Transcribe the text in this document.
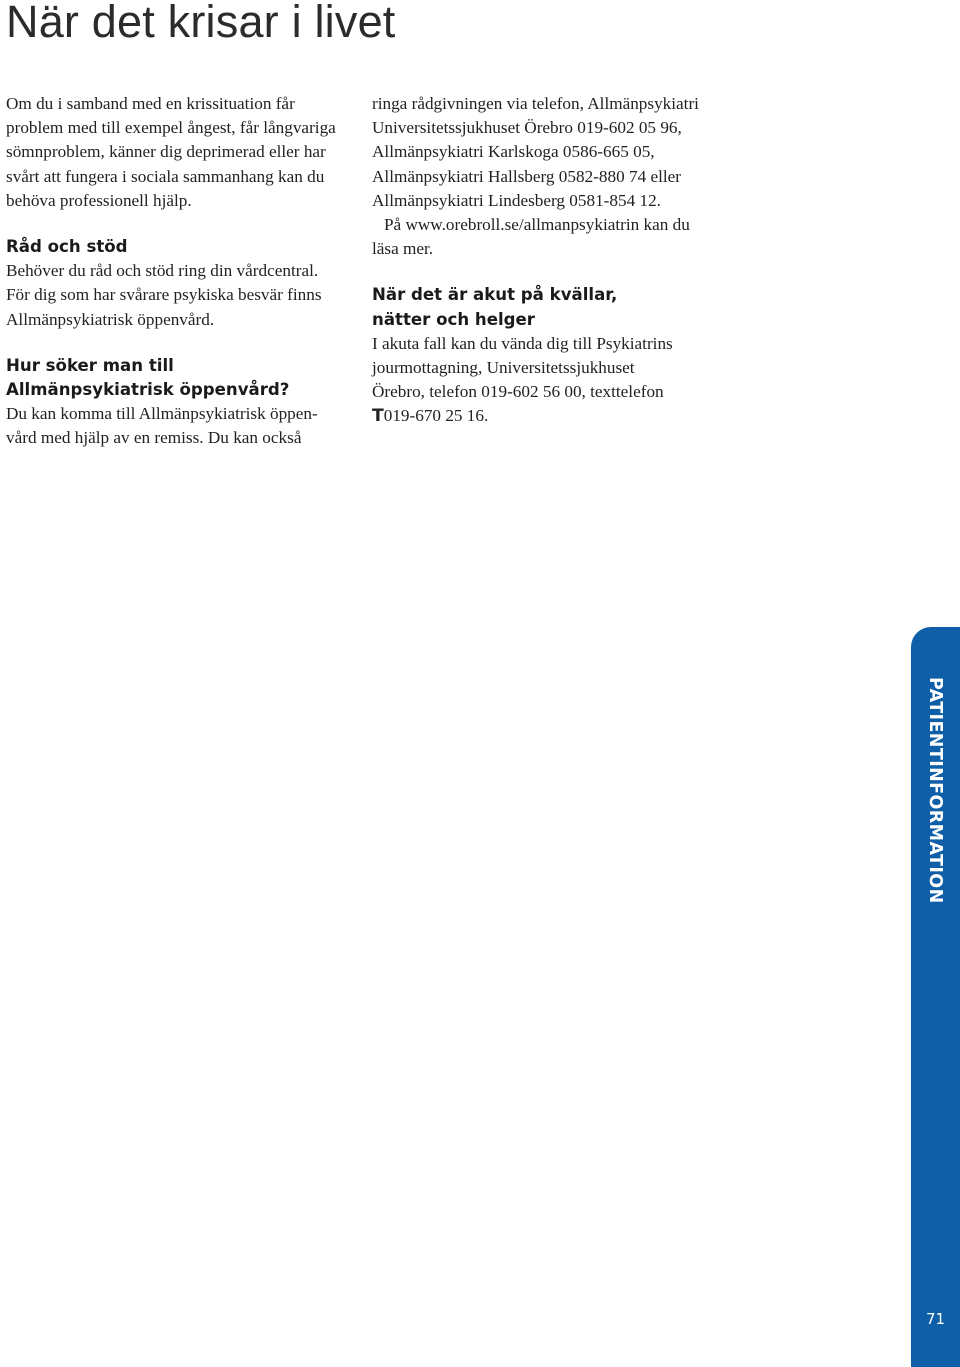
När det krisar i livet

Om du i samband med en krissituation får
problem med till exempel ångest, får långvariga
sömnproblem, känner dig deprimerad eller har
svårt att fungera i sociala sammanhang kan du
behöva professionell hjälp.

Råd och stöd

Behöver du råd och stöd ring din vårdcentral.
För dig som har svårare psykiska besvär finns
Allmänpsykiatrisk öppenvård.

Hur söker man till
Allmänpsykiatrisk öppenvård?

Du kan komma till Allmänpsykiatrisk öppen-
vård med hjälp av en remiss. Du kan också

ringa rådgivningen via telefon, Allmänpsykiatri
Universitetssjukhuset Örebro 019-602 05 96,
Allmänpsykiatri Karlskoga 0586-665 05,
Allmänpsykiatri Hallsberg 0582-880 74 eller
Allmänpsykiatri Lindesberg 0581-854 12.

På www.orebroll.se/allmanpsykiatrin kan du
läsa mer.

När det är akut på kvällar,
nätter och helger

I akuta fall kan du vända dig till Psykiatrins
jourmottagning, Universitetssjukhuset
Örebro, telefon 019-602 56 00, texttelefon
T019-670 25 16.

PATIENTINFORMATION
71
